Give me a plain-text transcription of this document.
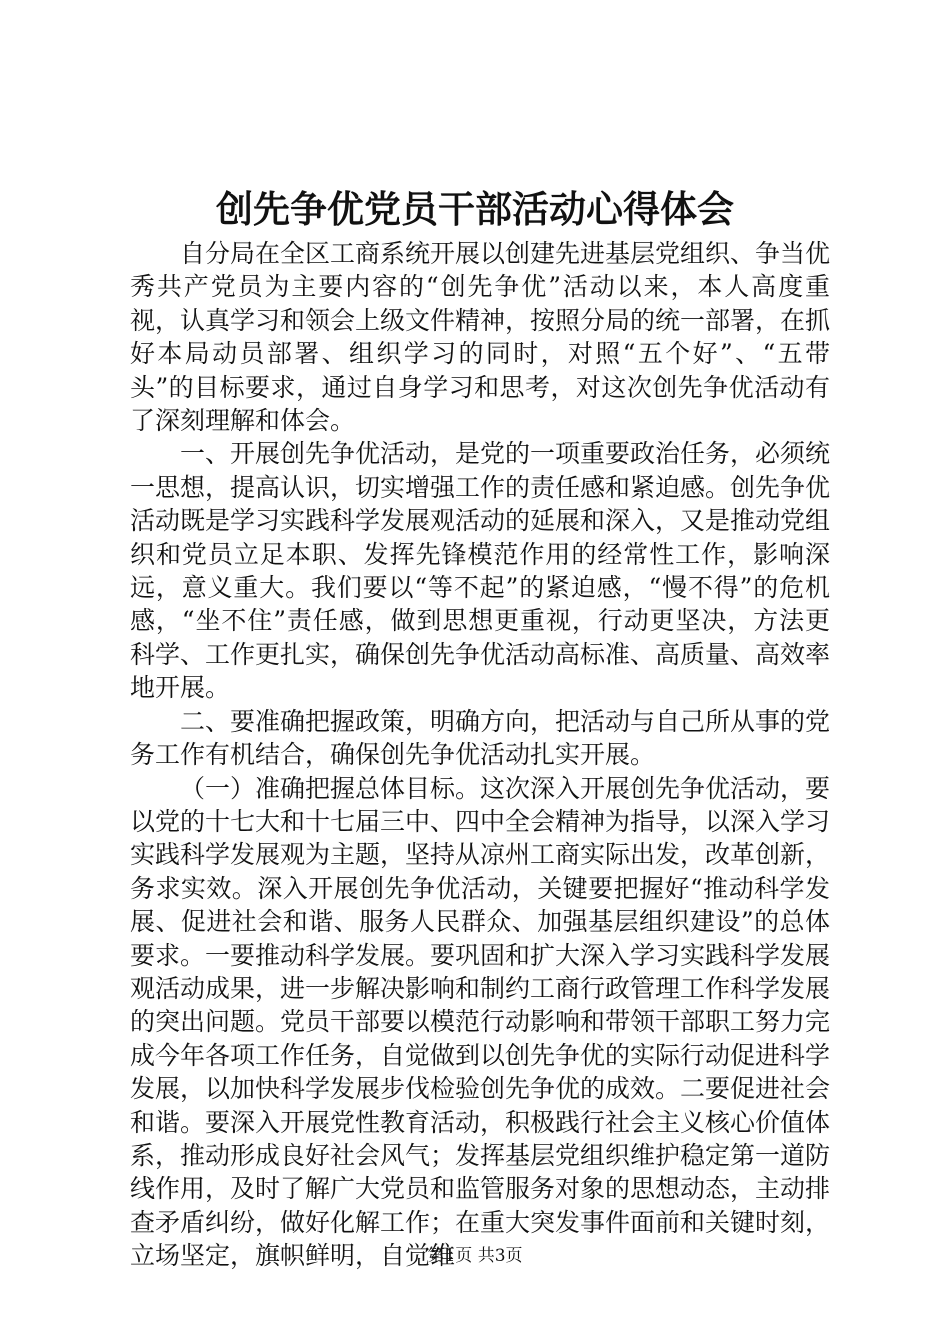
创先争优党员干部活动心得体会

自分局在全区工商系统开展以创建先进基层党组织、争当优秀共产党员为主要内容的“创先争优”活动以来，本人高度重视，认真学习和领会上级文件精神，按照分局的统一部署，在抓好本局动员部署、组织学习的同时，对照“五个好”、“五带头”的目标要求，通过自身学习和思考，对这次创先争优活动有了深刻理解和体会。

一、开展创先争优活动，是党的一项重要政治任务，必须统一思想，提高认识，切实增强工作的责任感和紧迫感。创先争优活动既是学习实践科学发展观活动的延展和深入，又是推动党组织和党员立足本职、发挥先锋模范作用的经常性工作，影响深远，意义重大。我们要以“等不起”的紧迫感，“慢不得”的危机感，“坐不住”责任感，做到思想更重视，行动更坚决，方法更科学、工作更扎实，确保创先争优活动高标准、高质量、高效率地开展。

二、要准确把握政策，明确方向，把活动与自己所从事的党务工作有机结合，确保创先争优活动扎实开展。

（一）准确把握总体目标。这次深入开展创先争优活动，要以党的十七大和十七届三中、四中全会精神为指导，以深入学习实践科学发展观为主题，坚持从凉州工商实际出发，改革创新，务求实效。深入开展创先争优活动，关键要把握好“推动科学发展、促进社会和谐、服务人民群众、加强基层组织建设”的总体要求。一要推动科学发展。要巩固和扩大深入学习实践科学发展观活动成果，进一步解决影响和制约工商行政管理工作科学发展的突出问题。党员干部要以模范行动影响和带领干部职工努力完成今年各项工作任务，自觉做到以创先争优的实际行动促进科学发展，以加快科学发展步伐检验创先争优的成效。二要促进社会和谐。要深入开展党性教育活动，积极践行社会主义核心价值体系，推动形成良好社会风气；发挥基层党组织维护稳定第一道防线作用，及时了解广大党员和监管服务对象的思想动态，主动排查矛盾纠纷，做好化解工作；在重大突发事件面前和关键时刻，立场坚定，旗帜鲜明，自觉维

第1页 共3页
